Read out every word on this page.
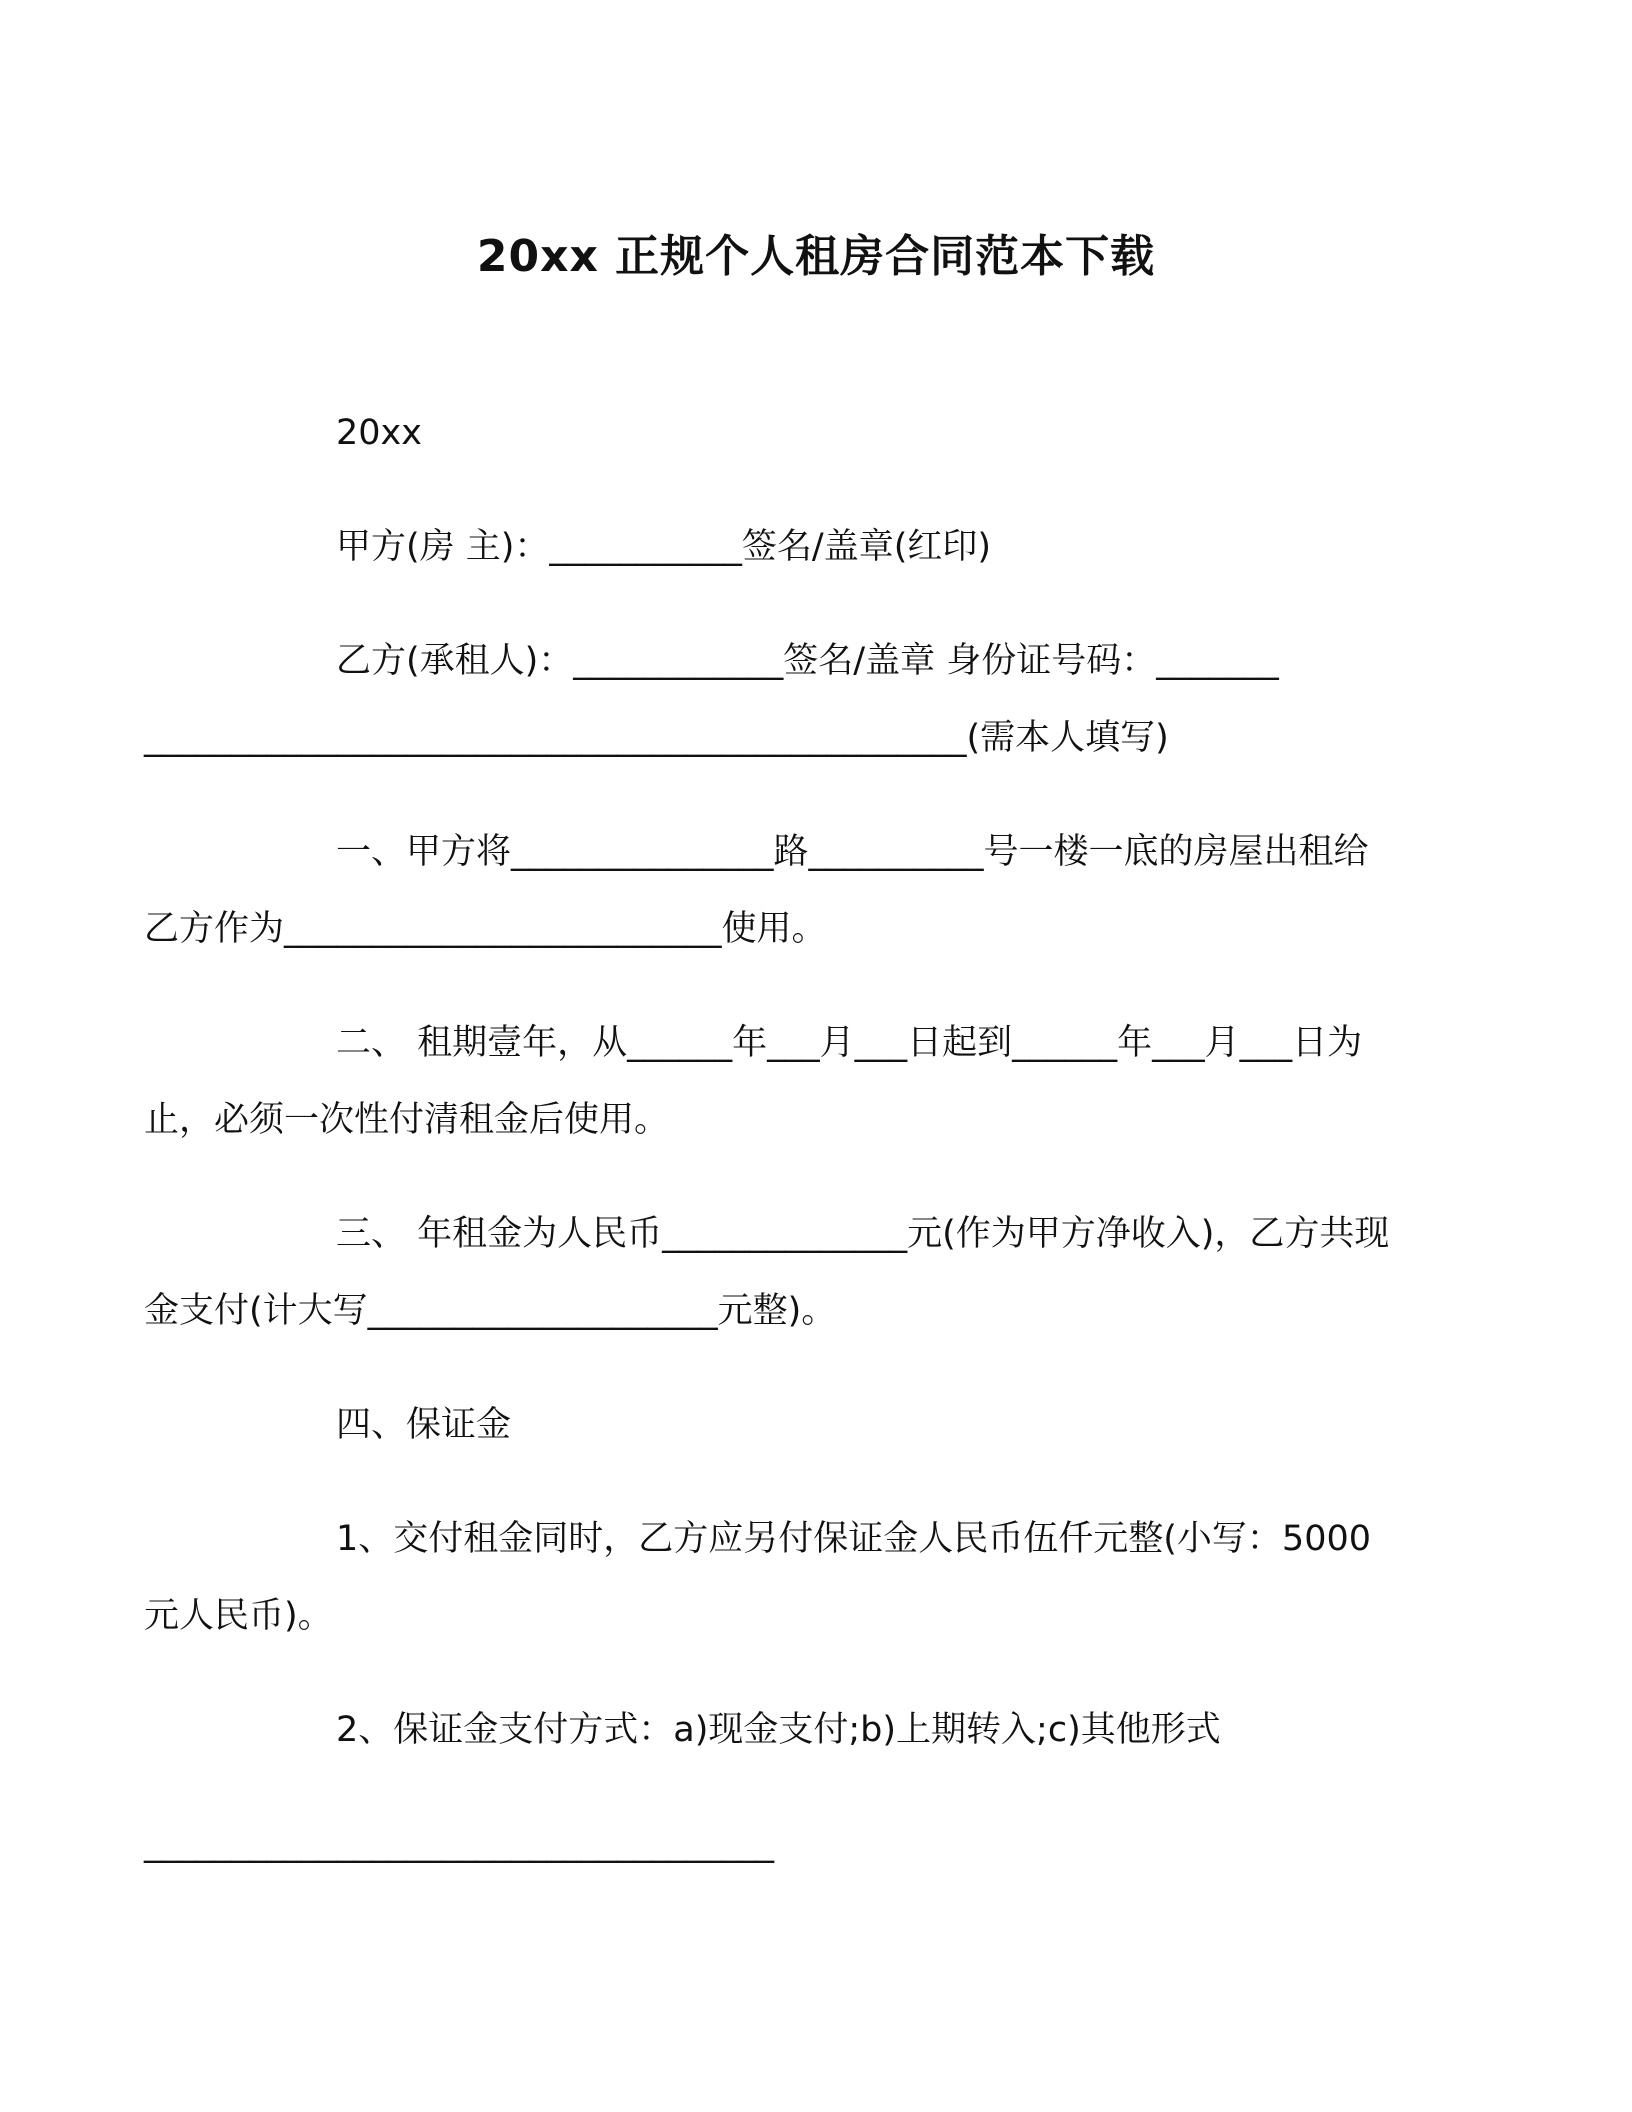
20xx 正规个人租房合同范本下载

20xx

甲方(房 主)：___________签名/盖章(红印)

乙方(承租人)：____________签名/盖章 身份证号码：______________________________________________________(需本人填写)

一、甲方将_______________路__________号一楼一底的房屋出租给乙方作为_________________________使用。

二、 租期壹年，从______年___月___日起到______年___月___日为止，必须一次性付清租金后使用。

三、 年租金为人民币______________元(作为甲方净收入)，乙方共现金支付(计大写____________________元整)。

四、保证金

1、交付租金同时，乙方应另付保证金人民币伍仟元整(小写：5000 元人民币)。

2、保证金支付方式：a)现金支付;b)上期转入;c)其他形式

____________________________________
